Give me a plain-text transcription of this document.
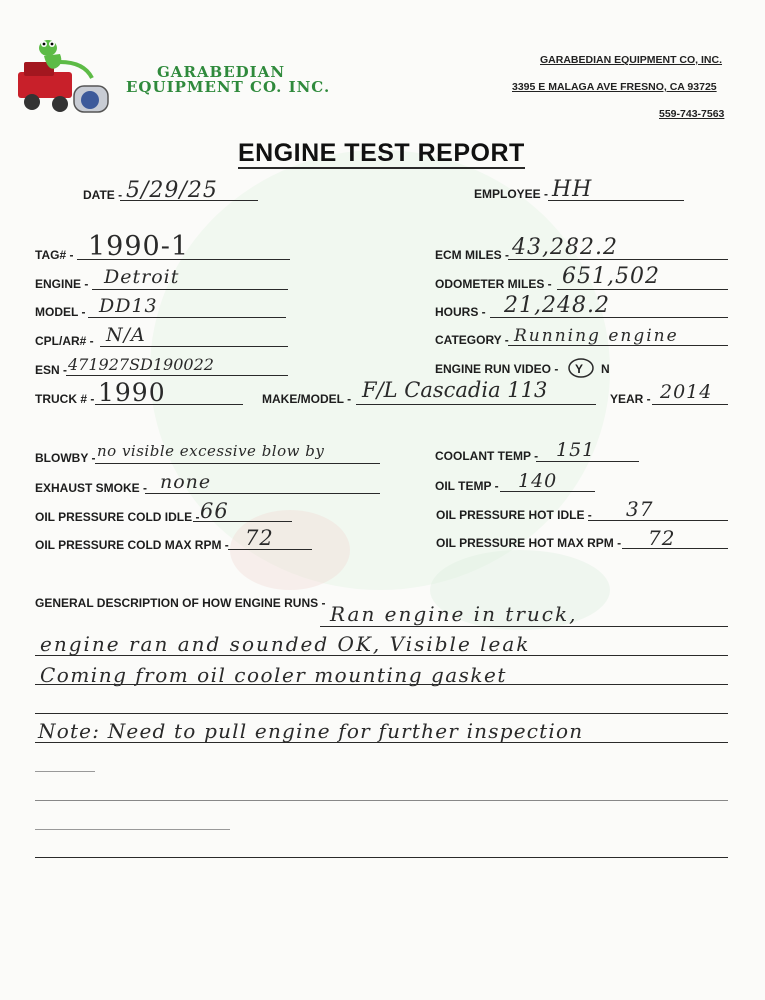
GARABEDIAN
EQUIPMENT CO. INC.
GARABEDIAN EQUIPMENT CO, INC.
3395 E MALAGA AVE FRESNO, CA 93725
559-743-7563
ENGINE TEST REPORT
DATE - 5/29/25	EMPLOYEE - HH
TAG# - 1990-1	ECM MILES - 43,282.2
ENGINE - Detroit	ODOMETER MILES - 651,502
MODEL - DD13	HOURS - 21,248.2
CPL/AR# - N/A	CATEGORY - Running engine
ESN - 471927SD190022	ENGINE RUN VIDEO - Y N
TRUCK # - 1990	MAKE/MODEL - F/L Cascadia 113	YEAR - 2014
BLOWBY - no visible excessive blow by	COOLANT TEMP - 151
EXHAUST SMOKE - none	OIL TEMP - 140
OIL PRESSURE COLD IDLE - 66	OIL PRESSURE HOT IDLE - 37
OIL PRESSURE COLD MAX RPM - 72	OIL PRESSURE HOT MAX RPM - 72
GENERAL DESCRIPTION OF HOW ENGINE RUNS - Ran engine in truck,
engine ran and sounded OK, Visible leak
Coming from oil cooler mounting gasket
Note: Need to pull engine for further inspection
